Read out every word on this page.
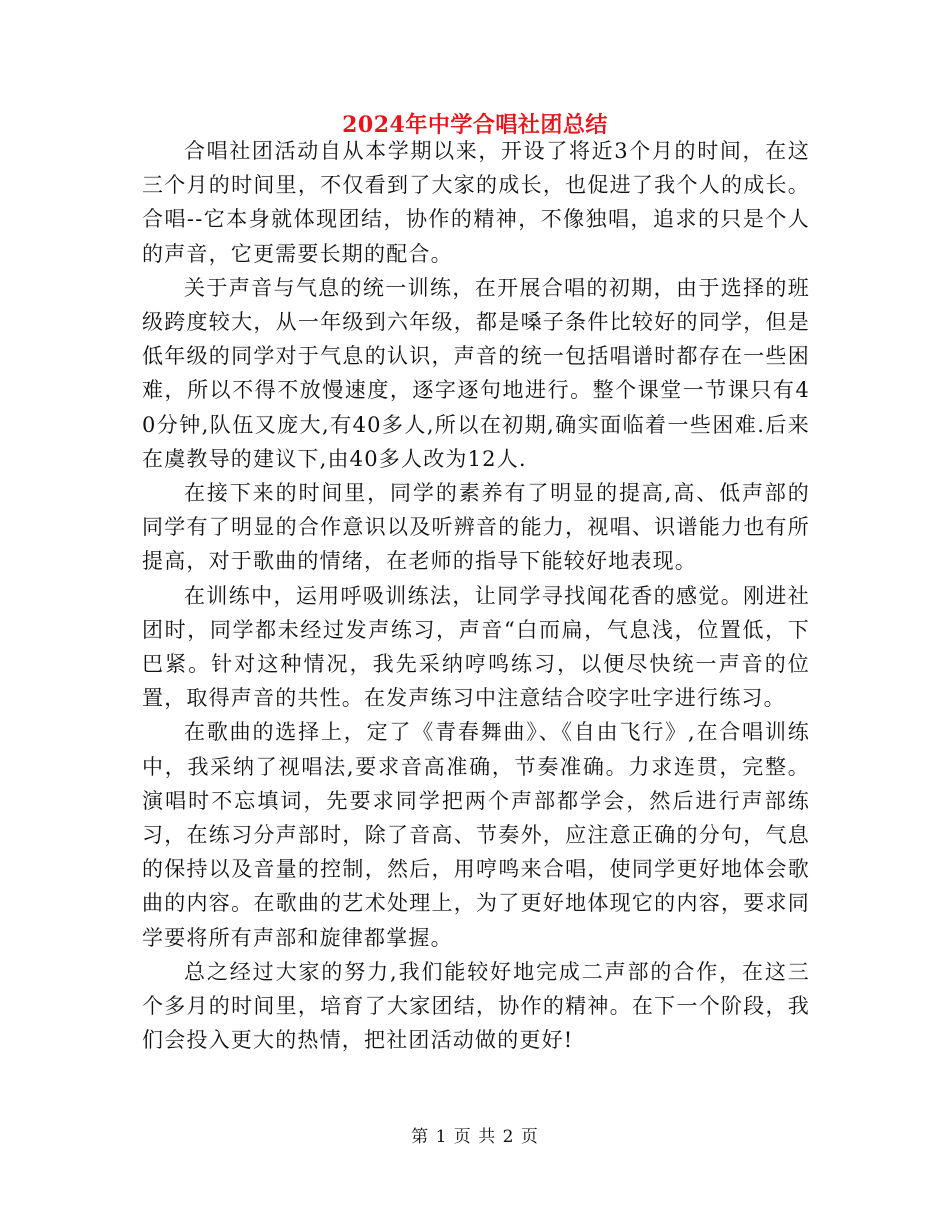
2024年中学合唱社团总结

合唱社团活动自从本学期以来，开设了将近3个月的时间，在这三个月的时间里，不仅看到了大家的成长，也促进了我个人的成长。合唱--它本身就体现团结，协作的精神，不像独唱，追求的只是个人的声音，它更需要长期的配合。

关于声音与气息的统一训练，在开展合唱的初期，由于选择的班级跨度较大，从一年级到六年级，都是嗓子条件比较好的同学，但是低年级的同学对于气息的认识，声音的统一包括唱谱时都存在一些困难，所以不得不放慢速度，逐字逐句地进行。整个课堂一节课只有40分钟,队伍又庞大,有40多人,所以在初期,确实面临着一些困难.后来在虞教导的建议下,由40多人改为12人.

在接下来的时间里，同学的素养有了明显的提高,高、低声部的同学有了明显的合作意识以及听辨音的能力，视唱、识谱能力也有所提高，对于歌曲的情绪，在老师的指导下能较好地表现。

在训练中，运用呼吸训练法，让同学寻找闻花香的感觉。刚进社团时，同学都未经过发声练习，声音“白而扁，气息浅，位置低，下巴紧。针对这种情况，我先采纳哼鸣练习，以便尽快统一声音的位置，取得声音的共性。在发声练习中注意结合咬字吐字进行练习。

在歌曲的选择上，定了《青春舞曲》、《自由飞行》,在合唱训练中，我采纳了视唱法,要求音高准确，节奏准确。力求连贯，完整。演唱时不忘填词，先要求同学把两个声部都学会，然后进行声部练习，在练习分声部时，除了音高、节奏外，应注意正确的分句，气息的保持以及音量的控制，然后，用哼鸣来合唱，使同学更好地体会歌曲的内容。在歌曲的艺术处理上，为了更好地体现它的内容，要求同学要将所有声部和旋律都掌握。

总之经过大家的努力,我们能较好地完成二声部的合作，在这三个多月的时间里，培育了大家团结，协作的精神。在下一个阶段，我们会投入更大的热情，把社团活动做的更好!

第 1 页 共 2 页
